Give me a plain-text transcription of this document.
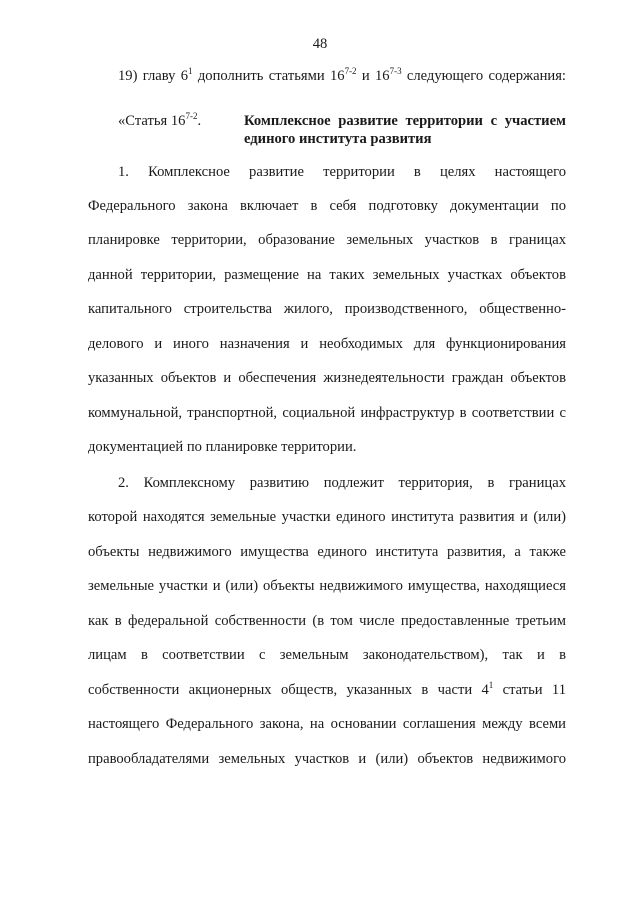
48
19) главу $6^1$ дополнить статьями 16$^{7-2}$ и 16$^{7-3}$ следующего содержания:
«Статья 16$^{7-2}$.	Комплексное развитие территории с участием
единого института развития
1. Комплексное развитие территории в целях настоящего
Федерального закона включает в себя подготовку документации по
планировке территории, образование земельных участков в границах
данной территории, размещение на таких земельных участках объектов
капитального строительства жилого, производственного, общественно-
делового и иного назначения и необходимых для функционирования
указанных объектов и обеспечения жизнедеятельности граждан объектов
коммунальной, транспортной, социальной инфраструктур в соответствии с
документацией по планировке территории.
2. Комплексному развитию подлежит территория, в границах
которой находятся земельные участки единого института развития и (или)
объекты недвижимого имущества единого института развития, а также
земельные участки и (или) объекты недвижимого имущества, находящиеся
как в федеральной собственности (в том числе предоставленные третьим
лицам в соответствии с земельным законодательством), так и в
собственности акционерных обществ, указанных в части $4^1$ статьи 11
настоящего Федерального закона, на основании соглашения между всеми
правообладателями земельных участков и (или) объектов недвижимого
